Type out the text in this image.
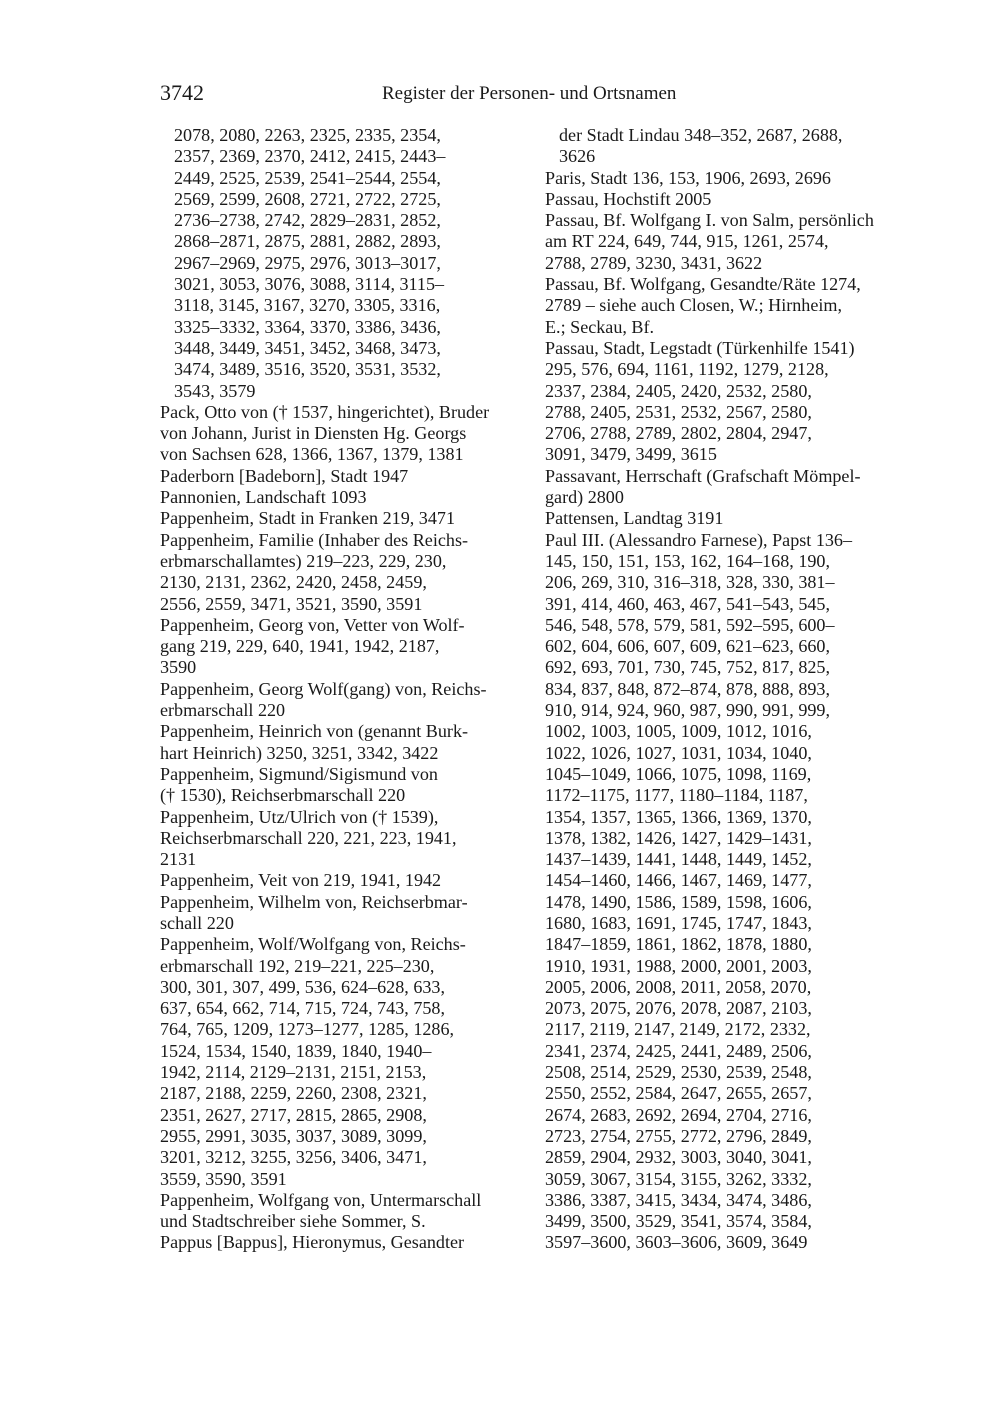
3742	Register der Personen- und Ortsnamen
2078, 2080, 2263, 2325, 2335, 2354,
2357, 2369, 2370, 2412, 2415, 2443–
2449, 2525, 2539, 2541–2544, 2554,
2569, 2599, 2608, 2721, 2722, 2725,
2736–2738, 2742, 2829–2831, 2852,
2868–2871, 2875, 2881, 2882, 2893,
2967–2969, 2975, 2976, 3013–3017,
3021, 3053, 3076, 3088, 3114, 3115–
3118, 3145, 3167, 3270, 3305, 3316,
3325–3332, 3364, 3370, 3386, 3436,
3448, 3449, 3451, 3452, 3468, 3473,
3474, 3489, 3516, 3520, 3531, 3532,
3543, 3579
Pack, Otto von († 1537, hingerichtet), Bruder
von Johann, Jurist in Diensten Hg. Georgs
von Sachsen 628, 1366, 1367, 1379, 1381
Paderborn [Badeborn], Stadt 1947
Pannonien, Landschaft 1093
Pappenheim, Stadt in Franken 219, 3471
Pappenheim, Familie (Inhaber des Reichs-
erbmarschallamtes) 219–223, 229, 230,
2130, 2131, 2362, 2420, 2458, 2459,
2556, 2559, 3471, 3521, 3590, 3591
Pappenheim, Georg von, Vetter von Wolf-
gang 219, 229, 640, 1941, 1942, 2187,
3590
Pappenheim, Georg Wolf(gang) von, Reichs-
erbmarschall 220
Pappenheim, Heinrich von (genannt Burk-
hart Heinrich) 3250, 3251, 3342, 3422
Pappenheim, Sigmund/Sigismund von
(† 1530), Reichserbmarschall 220
Pappenheim, Utz/Ulrich von († 1539),
Reichserbmarschall 220, 221, 223, 1941,
2131
Pappenheim, Veit von 219, 1941, 1942
Pappenheim, Wilhelm von, Reichserbmar-
schall 220
Pappenheim, Wolf/Wolfgang von, Reichs-
erbmarschall 192, 219–221, 225–230,
300, 301, 307, 499, 536, 624–628, 633,
637, 654, 662, 714, 715, 724, 743, 758,
764, 765, 1209, 1273–1277, 1285, 1286,
1524, 1534, 1540, 1839, 1840, 1940–
1942, 2114, 2129–2131, 2151, 2153,
2187, 2188, 2259, 2260, 2308, 2321,
2351, 2627, 2717, 2815, 2865, 2908,
2955, 2991, 3035, 3037, 3089, 3099,
3201, 3212, 3255, 3256, 3406, 3471,
3559, 3590, 3591
Pappenheim, Wolfgang von, Untermarschall
und Stadtschreiber siehe Sommer, S.
Pappus [Bappus], Hieronymus, Gesandter
der Stadt Lindau 348–352, 2687, 2688,
3626
Paris, Stadt 136, 153, 1906, 2693, 2696
Passau, Hochstift 2005
Passau, Bf. Wolfgang I. von Salm, persönlich
am RT 224, 649, 744, 915, 1261, 2574,
2788, 2789, 3230, 3431, 3622
Passau, Bf. Wolfgang, Gesandte/Räte 1274,
2789 – siehe auch Closen, W.; Hirnheim,
E.; Seckau, Bf.
Passau, Stadt, Legstadt (Türkenhilfe 1541)
295, 576, 694, 1161, 1192, 1279, 2128,
2337, 2384, 2405, 2420, 2532, 2580,
2788, 2405, 2531, 2532, 2567, 2580,
2706, 2788, 2789, 2802, 2804, 2947,
3091, 3479, 3499, 3615
Passavant, Herrschaft (Grafschaft Mömpel-
gard) 2800
Pattensen, Landtag 3191
Paul III. (Alessandro Farnese), Papst 136–
145, 150, 151, 153, 162, 164–168, 190,
206, 269, 310, 316–318, 328, 330, 381–
391, 414, 460, 463, 467, 541–543, 545,
546, 548, 578, 579, 581, 592–595, 600–
602, 604, 606, 607, 609, 621–623, 660,
692, 693, 701, 730, 745, 752, 817, 825,
834, 837, 848, 872–874, 878, 888, 893,
910, 914, 924, 960, 987, 990, 991, 999,
1002, 1003, 1005, 1009, 1012, 1016,
1022, 1026, 1027, 1031, 1034, 1040,
1045–1049, 1066, 1075, 1098, 1169,
1172–1175, 1177, 1180–1184, 1187,
1354, 1357, 1365, 1366, 1369, 1370,
1378, 1382, 1426, 1427, 1429–1431,
1437–1439, 1441, 1448, 1449, 1452,
1454–1460, 1466, 1467, 1469, 1477,
1478, 1490, 1586, 1589, 1598, 1606,
1680, 1683, 1691, 1745, 1747, 1843,
1847–1859, 1861, 1862, 1878, 1880,
1910, 1931, 1988, 2000, 2001, 2003,
2005, 2006, 2008, 2011, 2058, 2070,
2073, 2075, 2076, 2078, 2087, 2103,
2117, 2119, 2147, 2149, 2172, 2332,
2341, 2374, 2425, 2441, 2489, 2506,
2508, 2514, 2529, 2530, 2539, 2548,
2550, 2552, 2584, 2647, 2655, 2657,
2674, 2683, 2692, 2694, 2704, 2716,
2723, 2754, 2755, 2772, 2796, 2849,
2859, 2904, 2932, 3003, 3040, 3041,
3059, 3067, 3154, 3155, 3262, 3332,
3386, 3387, 3415, 3434, 3474, 3486,
3499, 3500, 3529, 3541, 3574, 3584,
3597–3600, 3603–3606, 3609, 3649
